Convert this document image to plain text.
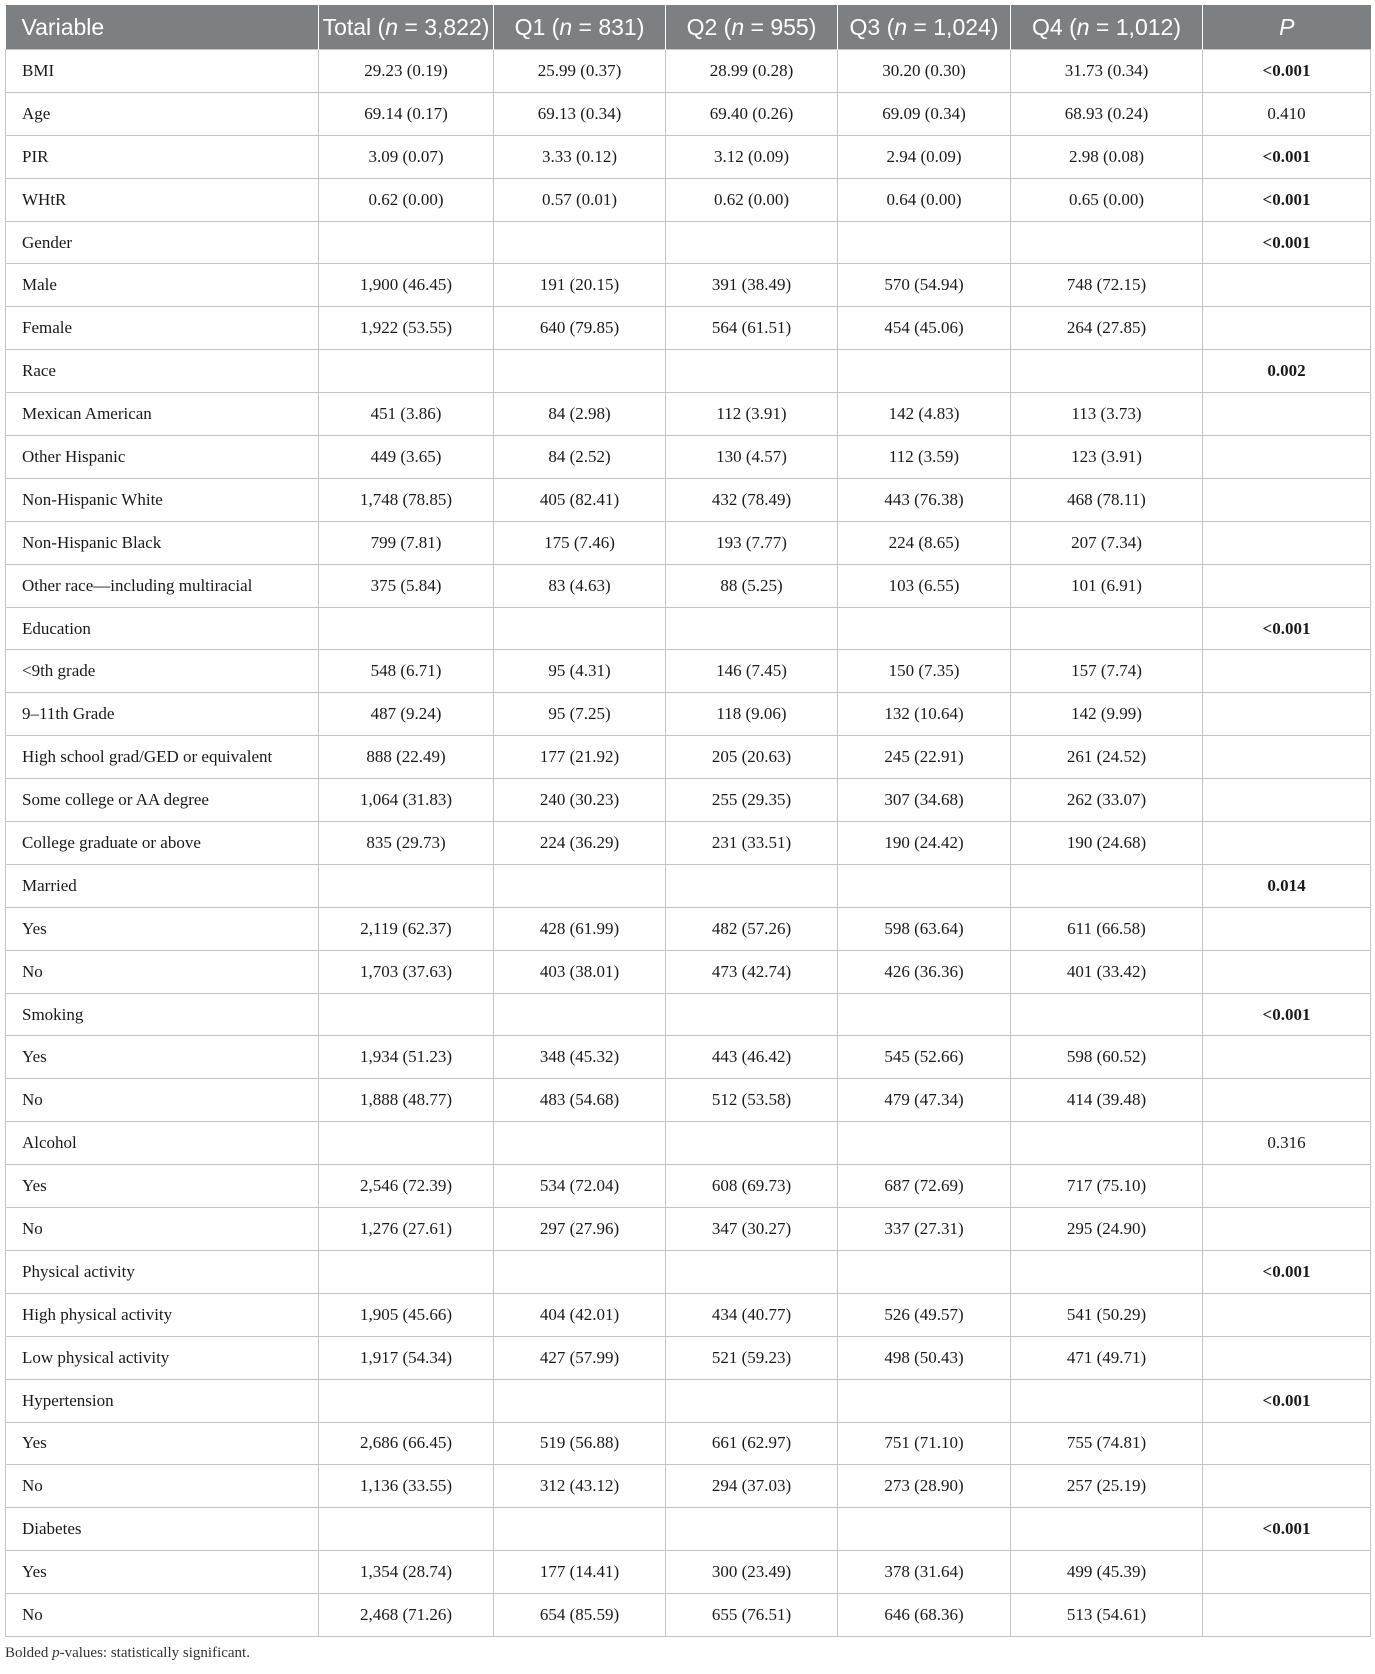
Variable	Total (n = 3,822)	Q1 (n = 831)	Q2 (n = 955)	Q3 (n = 1,024)	Q4 (n = 1,012)	P
BMI	29.23 (0.19)	25.99 (0.37)	28.99 (0.28)	30.20 (0.30)	31.73 (0.34)	<0.001
Age	69.14 (0.17)	69.13 (0.34)	69.40 (0.26)	69.09 (0.34)	68.93 (0.24)	0.410
PIR	3.09 (0.07)	3.33 (0.12)	3.12 (0.09)	2.94 (0.09)	2.98 (0.08)	<0.001
WHtR	0.62 (0.00)	0.57 (0.01)	0.62 (0.00)	0.64 (0.00)	0.65 (0.00)	<0.001
Gender						<0.001
Male	1,900 (46.45)	191 (20.15)	391 (38.49)	570 (54.94)	748 (72.15)	
Female	1,922 (53.55)	640 (79.85)	564 (61.51)	454 (45.06)	264 (27.85)	
Race						0.002
Mexican American	451 (3.86)	84 (2.98)	112 (3.91)	142 (4.83)	113 (3.73)	
Other Hispanic	449 (3.65)	84 (2.52)	130 (4.57)	112 (3.59)	123 (3.91)	
Non-Hispanic White	1,748 (78.85)	405 (82.41)	432 (78.49)	443 (76.38)	468 (78.11)	
Non-Hispanic Black	799 (7.81)	175 (7.46)	193 (7.77)	224 (8.65)	207 (7.34)	
Other race—including multiracial	375 (5.84)	83 (4.63)	88 (5.25)	103 (6.55)	101 (6.91)	
Education						<0.001
<9th grade	548 (6.71)	95 (4.31)	146 (7.45)	150 (7.35)	157 (7.74)	
9–11th Grade	487 (9.24)	95 (7.25)	118 (9.06)	132 (10.64)	142 (9.99)	
High school grad/GED or equivalent	888 (22.49)	177 (21.92)	205 (20.63)	245 (22.91)	261 (24.52)	
Some college or AA degree	1,064 (31.83)	240 (30.23)	255 (29.35)	307 (34.68)	262 (33.07)	
College graduate or above	835 (29.73)	224 (36.29)	231 (33.51)	190 (24.42)	190 (24.68)	
Married						0.014
Yes	2,119 (62.37)	428 (61.99)	482 (57.26)	598 (63.64)	611 (66.58)	
No	1,703 (37.63)	403 (38.01)	473 (42.74)	426 (36.36)	401 (33.42)	
Smoking						<0.001
Yes	1,934 (51.23)	348 (45.32)	443 (46.42)	545 (52.66)	598 (60.52)	
No	1,888 (48.77)	483 (54.68)	512 (53.58)	479 (47.34)	414 (39.48)	
Alcohol						0.316
Yes	2,546 (72.39)	534 (72.04)	608 (69.73)	687 (72.69)	717 (75.10)	
No	1,276 (27.61)	297 (27.96)	347 (30.27)	337 (27.31)	295 (24.90)	
Physical activity						<0.001
High physical activity	1,905 (45.66)	404 (42.01)	434 (40.77)	526 (49.57)	541 (50.29)	
Low physical activity	1,917 (54.34)	427 (57.99)	521 (59.23)	498 (50.43)	471 (49.71)	
Hypertension						<0.001
Yes	2,686 (66.45)	519 (56.88)	661 (62.97)	751 (71.10)	755 (74.81)	
No	1,136 (33.55)	312 (43.12)	294 (37.03)	273 (28.90)	257 (25.19)	
Diabetes						<0.001
Yes	1,354 (28.74)	177 (14.41)	300 (23.49)	378 (31.64)	499 (45.39)	
No	2,468 (71.26)	654 (85.59)	655 (76.51)	646 (68.36)	513 (54.61)	
Bolded p-values: statistically significant.
